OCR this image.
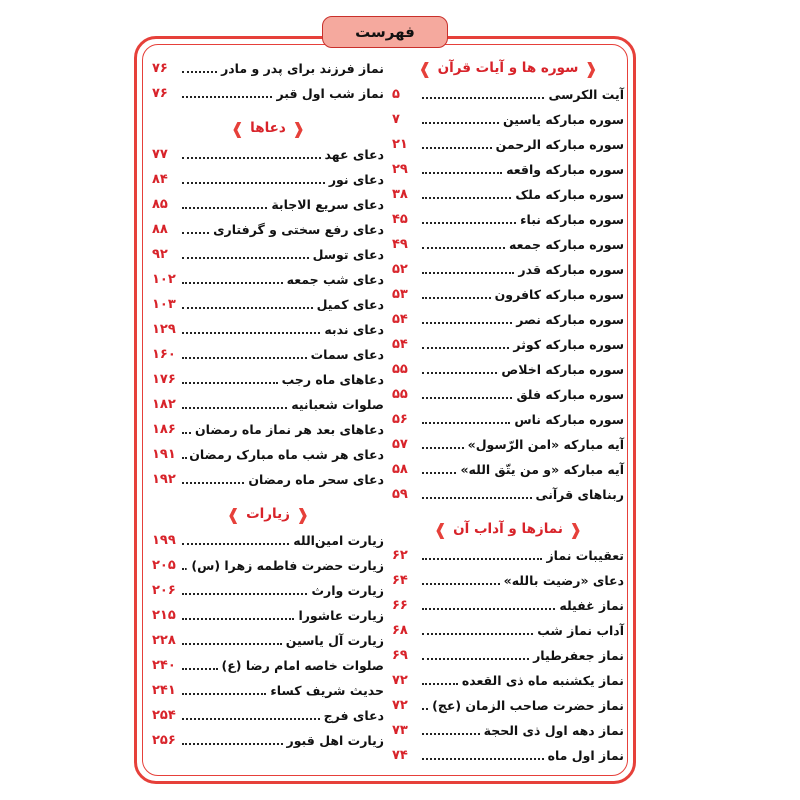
فهرست
❰
سوره ها و آیات قرآن
❱
آیت الکرسی
۵
سوره مبارکه یاسین
۷
سوره مبارکه الرحمن
۲۱
سوره مبارکه واقعه
۲۹
سوره مبارکه ملک
۳۸
سوره مبارکه نباء
۴۵
سوره مبارکه جمعه
۴۹
سوره مبارکه قدر
۵۲
سوره مبارکه کافرون
۵۳
سوره مبارکه نصر
۵۴
سوره مبارکه کوثر
۵۴
سوره مبارکه اخلاص
۵۵
سوره مبارکه فلق
۵۵
سوره مبارکه ناس
۵۶
آیه مبارکه «امن الرّسول»
۵۷
آیه مبارکه «و من یتّق الله»
۵۸
ربنا‌های قرآنی
۵۹
❰
نمازها و آداب آن
❱
تعقیبات نماز
۶۲
دعای «رضیت بالله»
۶۴
نماز غفیله
۶۶
آداب نماز شب
۶۸
نماز جعفرطیار
۶۹
نماز یکشنبه ماه ذی القعده
۷۲
نماز حضرت صاحب الزمان (عج)
۷۲
نماز دهه اول ذی الحجة
۷۳
نماز اول ماه
۷۴
نماز فرزند برای پدر و مادر
۷۶
نماز شب اول قبر
۷۶
❰
دعاها
❱
دعای عهد
۷۷
دعای نور
۸۴
دعای سریع الاجابة
۸۵
دعای رفع سختی و گرفتاری
۸۸
دعای توسل
۹۲
دعای شب جمعه
۱۰۲
دعای کمیل
۱۰۳
دعای ندبه
۱۲۹
دعای سمات
۱۶۰
دعاهای ماه رجب
۱۷۶
صلوات شعبانیه
۱۸۲
دعاهای بعد هر نماز ماه رمضان
۱۸۶
دعای هر شب ماه مبارک رمضان
۱۹۱
دعای سحر ماه رمضان
۱۹۲
❰
زیارات
❱
زیارت امین‌الله
۱۹۹
زیارت حضرت فاطمه زهرا (س)
۲۰۵
زیارت وارث
۲۰۶
زیارت عاشورا
۲۱۵
زیارت آل یاسین
۲۲۸
صلوات خاصه امام رضا (ع)
۲۴۰
حدیث شریف کساء
۲۴۱
دعای فرج
۲۵۴
زیارت اهل قبور
۲۵۶
